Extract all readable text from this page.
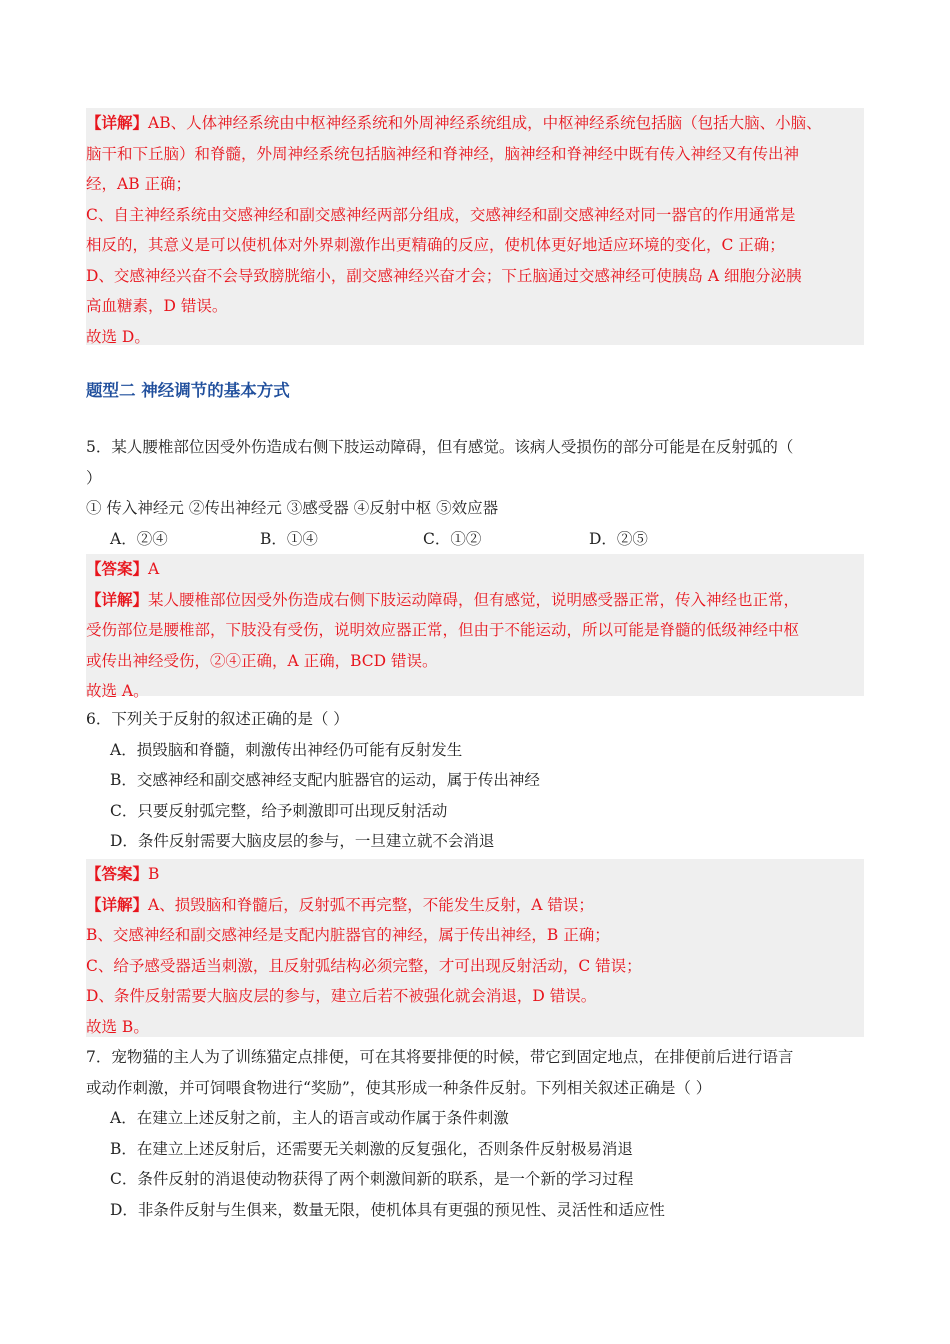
【详解】AB、人体神经系统由中枢神经系统和外周神经系统组成，中枢神经系统包括脑（包括大脑、小脑、
脑干和下丘脑）和脊髓，外周神经系统包括脑神经和脊神经，脑神经和脊神经中既有传入神经又有传出神
经，AB 正确；
C、自主神经系统由交感神经和副交感神经两部分组成，交感神经和副交感神经对同一器官的作用通常是
相反的，其意义是可以使机体对外界刺激作出更精确的反应，使机体更好地适应环境的变化，C 正确；
D、交感神经兴奋不会导致膀胱缩小，副交感神经兴奋才会；下丘脑通过交感神经可使胰岛 A 细胞分泌胰
高血糖素，D 错误。
故选 D。
题型二 神经调节的基本方式
5．某人腰椎部位因受外伤造成右侧下肢运动障碍，但有感觉。该病人受损伤的部分可能是在反射弧的（
）
① 传入神经元 ②传出神经元 ③感受器 ④反射中枢 ⑤效应器
A．②④	B．①④	C．①②	D．②⑤
【答案】A
【详解】某人腰椎部位因受外伤造成右侧下肢运动障碍，但有感觉，说明感受器正常，传入神经也正常，
受伤部位是腰椎部，下肢没有受伤，说明效应器正常，但由于不能运动，所以可能是脊髓的低级神经中枢
或传出神经受伤，②④正确，A 正确，BCD 错误。
故选 A。
6．下列关于反射的叙述正确的是（ ）
A．损毁脑和脊髓，刺激传出神经仍可能有反射发生
B．交感神经和副交感神经支配内脏器官的运动，属于传出神经
C．只要反射弧完整，给予刺激即可出现反射活动
D．条件反射需要大脑皮层的参与，一旦建立就不会消退
【答案】B
【详解】A、损毁脑和脊髓后，反射弧不再完整，不能发生反射，A 错误；
B、交感神经和副交感神经是支配内脏器官的神经，属于传出神经，B 正确；
C、给予感受器适当刺激，且反射弧结构必须完整，才可出现反射活动，C 错误；
D、条件反射需要大脑皮层的参与，建立后若不被强化就会消退，D 错误。
故选 B。
7．宠物猫的主人为了训练猫定点排便，可在其将要排便的时候，带它到固定地点，在排便前后进行语言
或动作刺激，并可饲喂食物进行“奖励”，使其形成一种条件反射。下列相关叙述正确是（ ）
A．在建立上述反射之前，主人的语言或动作属于条件刺激
B．在建立上述反射后，还需要无关刺激的反复强化，否则条件反射极易消退
C．条件反射的消退使动物获得了两个刺激间新的联系，是一个新的学习过程
D．非条件反射与生俱来，数量无限，使机体具有更强的预见性、灵活性和适应性
